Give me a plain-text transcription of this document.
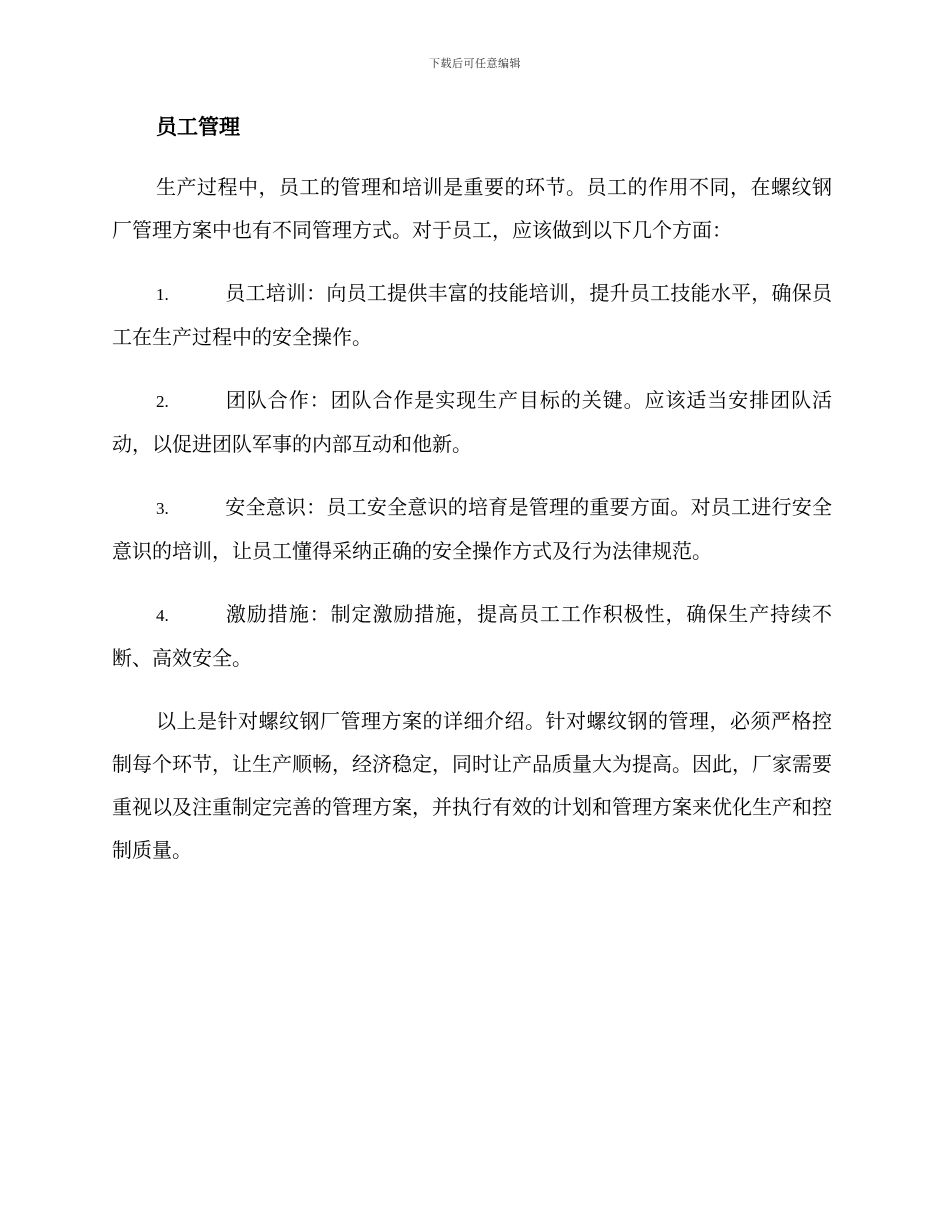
下载后可任意编辑
员工管理

生产过程中，员工的管理和培训是重要的环节。员工的作用不同，在螺纹钢厂管理方案中也有不同管理方式。对于员工，应该做到以下几个方面：

1.	员工培训：向员工提供丰富的技能培训，提升员工技能水平，确保员工在生产过程中的安全操作。

2.	团队合作：团队合作是实现生产目标的关键。应该适当安排团队活动，以促进团队军事的内部互动和他新。

3.	安全意识：员工安全意识的培育是管理的重要方面。对员工进行安全意识的培训，让员工懂得采纳正确的安全操作方式及行为法律规范。

4.	激励措施：制定激励措施，提高员工工作积极性，确保生产持续不断、高效安全。

以上是针对螺纹钢厂管理方案的详细介绍。针对螺纹钢的管理，必须严格控制每个环节，让生产顺畅，经济稳定，同时让产品质量大为提高。因此，厂家需要重视以及注重制定完善的管理方案，并执行有效的计划和管理方案来优化生产和控制质量。
